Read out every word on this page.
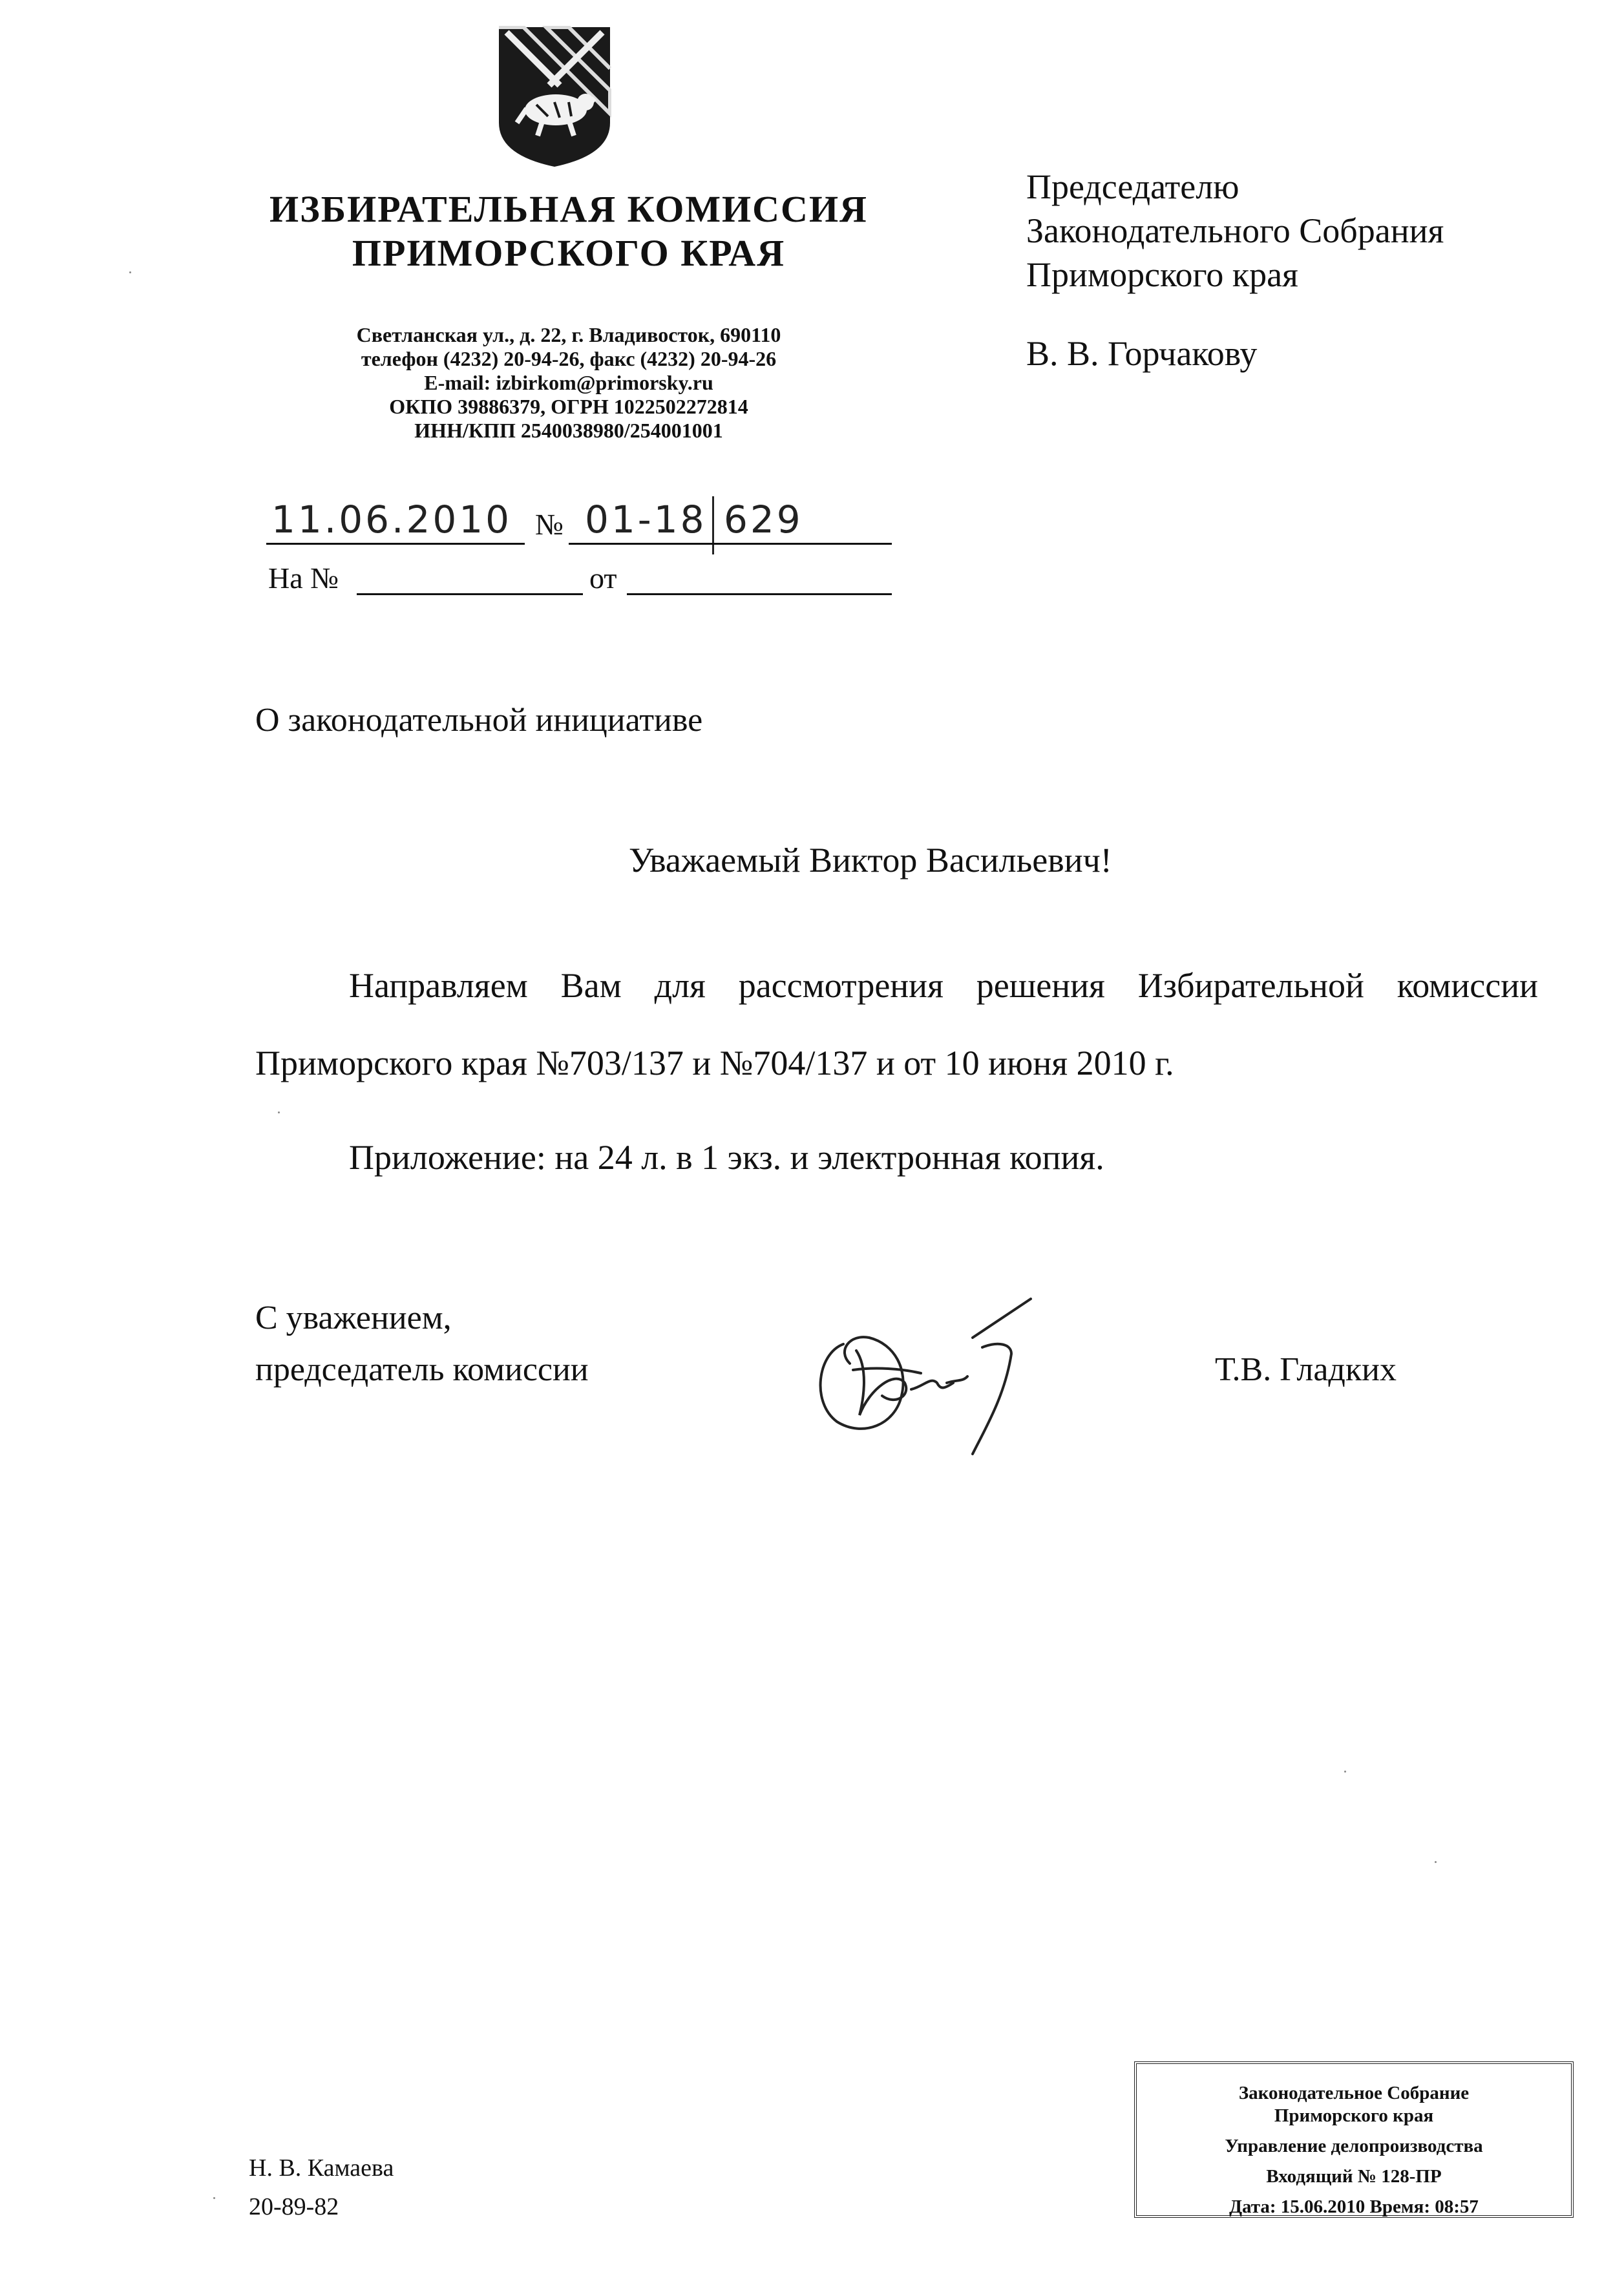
ИЗБИРАТЕЛЬНАЯ КОМИССИЯ
ПРИМОРСКОГО КРАЯ
Светланская ул., д. 22, г. Владивосток, 690110
телефон (4232) 20-94-26, факс (4232) 20-94-26
E-mail: izbirkom@primorsky.ru
ОКПО 39886379, ОГРН 1022502272814
ИНН/КПП 2540038980/254001001
Председателю
Законодательного Собрания
Приморского края
В. В. Горчакову
11.06.2010 № 01-18 629
На №	от
О законодательной инициативе
Уважаемый Виктор Васильевич!
Направляем Вам для рассмотрения решения Избирательной комиссии
Приморского края №703/137 и №704/137 и от 10 июня 2010 г.
Приложение: на 24 л. в 1 экз. и электронная копия.
С уважением,
председатель комиссии	Т.В. Гладких
Н. В. Камаева
20-89-82
Законодательное Собрание
Приморского края
Управление делопроизводства
Входящий № 128-ПР
Дата: 15.06.2010 Время: 08:57
